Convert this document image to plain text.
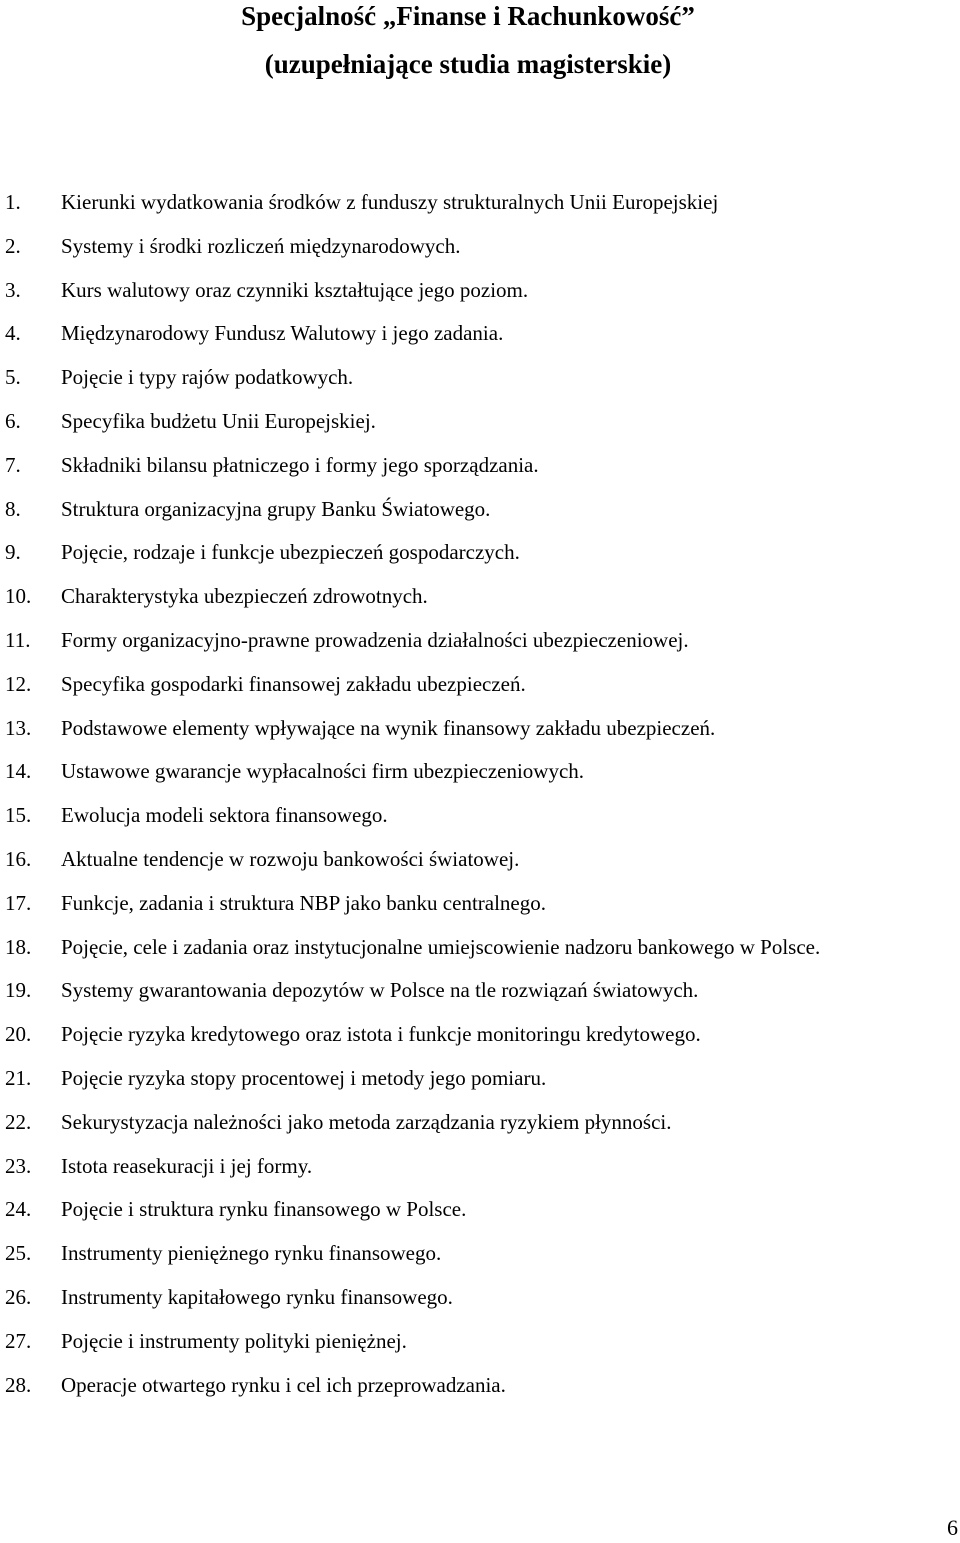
Specjalność „Finanse i Rachunkowość”
(uzupełniające studia magisterskie)
1. Kierunki wydatkowania środków z funduszy strukturalnych Unii Europejskiej
2. Systemy i środki rozliczeń międzynarodowych.
3. Kurs walutowy oraz czynniki kształtujące jego poziom.
4. Międzynarodowy Fundusz Walutowy i jego zadania.
5. Pojęcie i typy rajów podatkowych.
6. Specyfika budżetu Unii Europejskiej.
7. Składniki bilansu płatniczego i formy jego sporządzania.
8. Struktura organizacyjna grupy Banku Światowego.
9. Pojęcie, rodzaje i funkcje ubezpieczeń gospodarczych.
10. Charakterystyka ubezpieczeń zdrowotnych.
11. Formy organizacyjno-prawne prowadzenia działalności ubezpieczeniowej.
12. Specyfika gospodarki finansowej zakładu ubezpieczeń.
13. Podstawowe elementy wpływające na wynik finansowy zakładu ubezpieczeń.
14. Ustawowe gwarancje wypłacalności firm ubezpieczeniowych.
15. Ewolucja modeli sektora finansowego.
16. Aktualne tendencje w rozwoju bankowości światowej.
17. Funkcje, zadania i struktura NBP jako banku centralnego.
18. Pojęcie, cele i zadania oraz instytucjonalne umiejscowienie nadzoru bankowego w Polsce.
19. Systemy gwarantowania depozytów w Polsce na tle rozwiązań światowych.
20. Pojęcie ryzyka kredytowego oraz istota i funkcje monitoringu kredytowego.
21. Pojęcie ryzyka stopy procentowej i metody jego pomiaru.
22. Sekurystyzacja należności jako metoda zarządzania ryzykiem płynności.
23. Istota reasekuracji i jej formy.
24. Pojęcie i struktura rynku finansowego w Polsce.
25. Instrumenty pieniężnego rynku finansowego.
26. Instrumenty kapitałowego rynku finansowego.
27. Pojęcie i instrumenty polityki pieniężnej.
28. Operacje otwartego rynku i cel ich przeprowadzania.
6
